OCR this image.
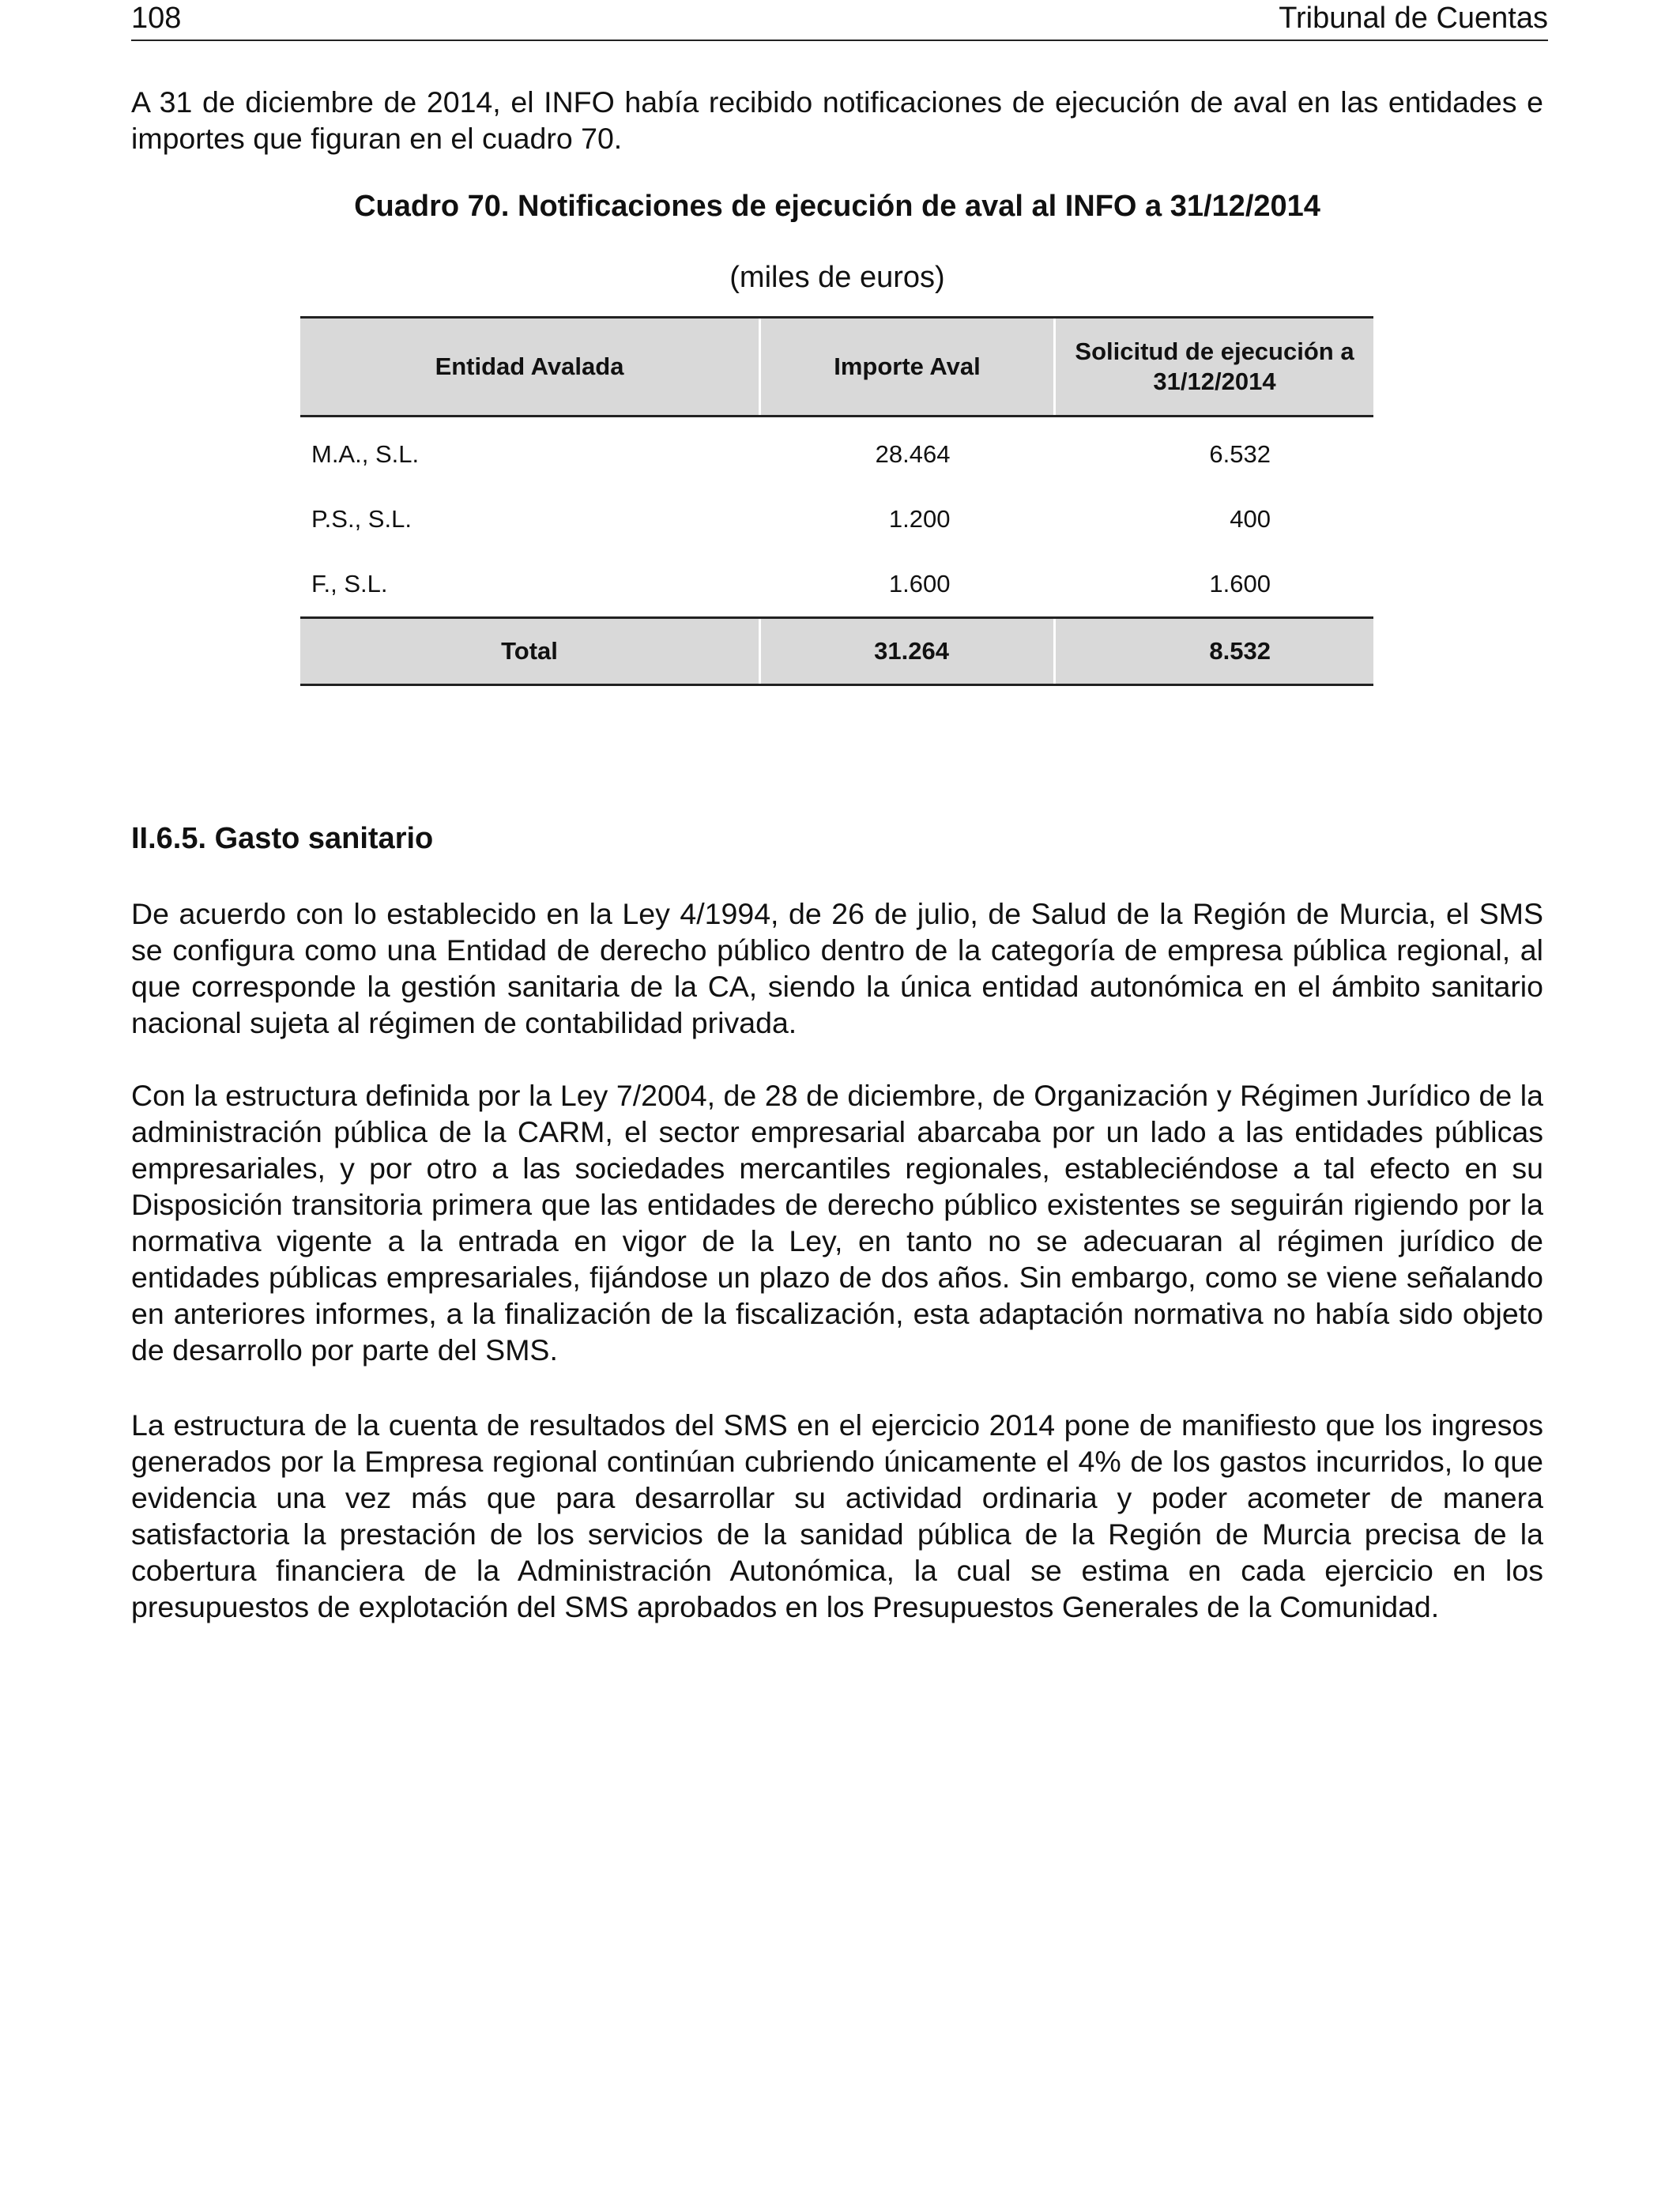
108	Tribunal de Cuentas

A 31 de diciembre de 2014, el INFO había recibido notificaciones de ejecución de aval en las entidades e importes que figuran en el cuadro 70.

Cuadro 70. Notificaciones de ejecución de aval al INFO a 31/12/2014
(miles de euros)
Entidad Avalada	Importe Aval	Solicitud de ejecución a
31/12/2014
M.A., S.L.	28.464	6.532
P.S., S.L.	1.200	400
F., S.L.	1.600	1.600
Total	31.264	8.532
II.6.5. Gasto sanitario

De acuerdo con lo establecido en la Ley 4/1994, de 26 de julio, de Salud de la Región de Murcia, el SMS se configura como una Entidad de derecho público dentro de la categoría de empresa pública regional, al que corresponde la gestión sanitaria de la CA, siendo la única entidad autonómica en el ámbito sanitario nacional sujeta al régimen de contabilidad privada.

Con la estructura definida por la Ley 7/2004, de 28 de diciembre, de Organización y Régimen Jurídico de la administración pública de la CARM, el sector empresarial abarcaba por un lado a las entidades públicas empresariales, y por otro a las sociedades mercantiles regionales, estableciéndose a tal efecto en su Disposición transitoria primera que las entidades de derecho público existentes se seguirán rigiendo por la normativa vigente a la entrada en vigor de la Ley, en tanto no se adecuaran al régimen jurídico de entidades públicas empresariales, fijándose un plazo de dos años. Sin embargo, como se viene señalando en anteriores informes, a la finalización de la fiscalización, esta adaptación normativa no había sido objeto de desarrollo por parte del SMS.

La estructura de la cuenta de resultados del SMS en el ejercicio 2014 pone de manifiesto que los ingresos generados por la Empresa regional continúan cubriendo únicamente el 4% de los gastos incurridos, lo que evidencia una vez más que para desarrollar su actividad ordinaria y poder acometer de manera satisfactoria la prestación de los servicios de la sanidad pública de la Región de Murcia precisa de la cobertura financiera de la Administración Autonómica, la cual se estima en cada ejercicio en los presupuestos de explotación del SMS aprobados en los Presupuestos Generales de la Comunidad.
